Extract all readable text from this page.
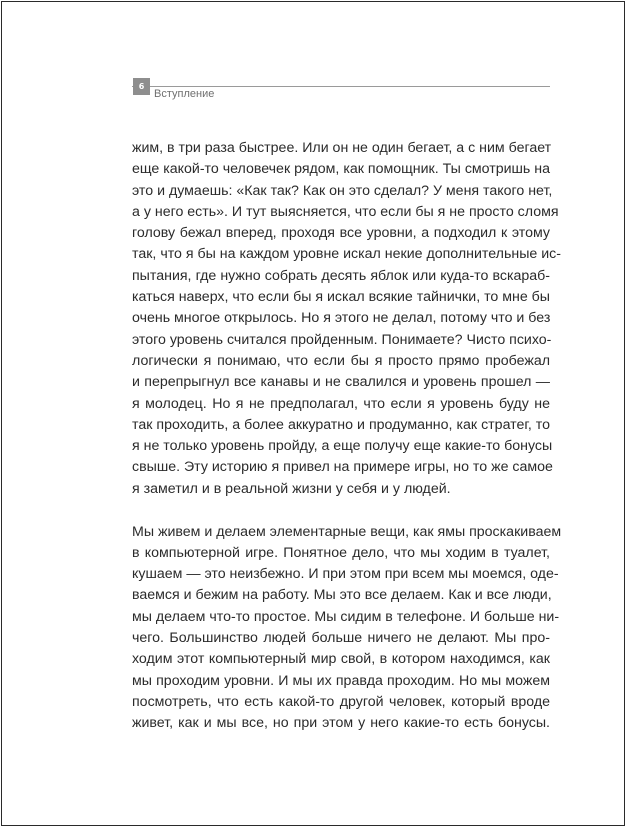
6
Вступление
жим, в три раза быстрее. Или он не один бегает, а с ним бегает
еще какой-то человечек рядом, как помощник. Ты смотришь на
это и думаешь: «Как так? Как он это сделал? У меня такого нет,
а у него есть». И тут выясняется, что если бы я не просто сломя
голову бежал вперед, проходя все уровни, а подходил к этому
так, что я бы на каждом уровне искал некие дополнительные ис-
пытания, где нужно собрать десять яблок или куда-то вскараб-
каться наверх, что если бы я искал всякие тайнички, то мне бы
очень многое открылось. Но я этого не делал, потому что и без
этого уровень считался пройденным. Понимаете? Чисто психо-
логически я понимаю, что если бы я просто прямо пробежал
и перепрыгнул все канавы и не свалился и уровень прошел —
я молодец. Но я не предполагал, что если я уровень буду не
так проходить, а более аккуратно и продуманно, как стратег, то
я не только уровень пройду, а еще получу еще какие-то бонусы
свыше. Эту историю я привел на примере игры, но то же самое
я заметил и в реальной жизни у себя и у людей.
Мы живем и делаем элементарные вещи, как ямы проскакиваем
в компьютерной игре. Понятное дело, что мы ходим в туалет,
кушаем — это неизбежно. И при этом при всем мы моемся, оде-
ваемся и бежим на работу. Мы это все делаем. Как и все люди,
мы делаем что-то простое. Мы сидим в телефоне. И больше ни-
чего. Большинство людей больше ничего не делают. Мы про-
ходим этот компьютерный мир свой, в котором находимся, как
мы проходим уровни. И мы их правда проходим. Но мы можем
посмотреть, что есть какой-то другой человек, который вроде
живет, как и мы все, но при этом у него какие-то есть бонусы.
